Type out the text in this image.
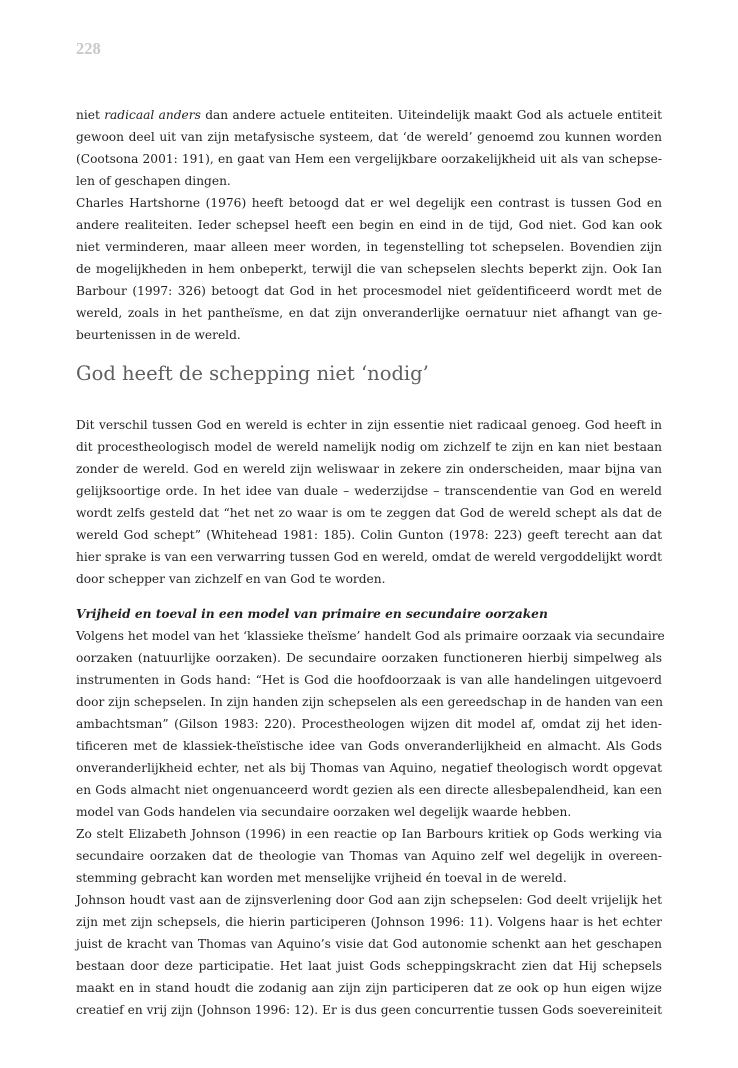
228
niet radicaal anders dan andere actuele entiteiten. Uiteindelijk maakt God als actuele entiteit
gewoon deel uit van zijn metafysische systeem, dat ‘de wereld’ genoemd zou kunnen worden
(Cootsona 2001: 191), en gaat van Hem een vergelijkbare oorzakelijkheid uit als van schepse-
len of geschapen dingen.
Charles Hartshorne (1976) heeft betoogd dat er wel degelijk een contrast is tussen God en
andere realiteiten. Ieder schepsel heeft een begin en eind in de tijd, God niet. God kan ook
niet verminderen, maar alleen meer worden, in tegenstelling tot schepselen. Bovendien zijn
de mogelijkheden in hem onbeperkt, terwijl die van schepselen slechts beperkt zijn. Ook Ian
Barbour (1997: 326) betoogt dat God in het procesmodel niet geïdentificeerd wordt met de
wereld, zoals in het pantheïsme, en dat zijn onveranderlijke oernatuur niet afhangt van ge-
beurtenissen in de wereld.
God heeft de schepping niet ‘nodig’
Dit verschil tussen God en wereld is echter in zijn essentie niet radicaal genoeg. God heeft in
dit procestheologisch model de wereld namelijk nodig om zichzelf te zijn en kan niet bestaan
zonder de wereld. God en wereld zijn weliswaar in zekere zin onderscheiden, maar bijna van
gelijksoortige orde. In het idee van duale – wederzijdse – transcendentie van God en wereld
wordt zelfs gesteld dat “het net zo waar is om te zeggen dat God de wereld schept als dat de
wereld God schept” (Whitehead 1981: 185). Colin Gunton (1978: 223) geeft terecht aan dat
hier sprake is van een verwarring tussen God en wereld, omdat de wereld vergoddelijkt wordt
door schepper van zichzelf en van God te worden.
Vrijheid en toeval in een model van primaire en secundaire oorzaken
Volgens het model van het ‘klassieke theïsme’ handelt God als primaire oorzaak via secundaire
oorzaken (natuurlijke oorzaken). De secundaire oorzaken functioneren hierbij simpelweg als
instrumenten in Gods hand: “Het is God die hoofdoorzaak is van alle handelingen uitgevoerd
door zijn schepselen. In zijn handen zijn schepselen als een gereedschap in de handen van een
ambachtsman” (Gilson 1983: 220). Procestheologen wijzen dit model af, omdat zij het iden-
tificeren met de klassiek-theïstische idee van Gods onveranderlijkheid en almacht. Als Gods
onveranderlijkheid echter, net als bij Thomas van Aquino, negatief theologisch wordt opgevat
en Gods almacht niet ongenuanceerd wordt gezien als een directe allesbepalendheid, kan een
model van Gods handelen via secundaire oorzaken wel degelijk waarde hebben.
Zo stelt Elizabeth Johnson (1996) in een reactie op Ian Barbours kritiek op Gods werking via
secundaire oorzaken dat de theologie van Thomas van Aquino zelf wel degelijk in overeen-
stemming gebracht kan worden met menselijke vrijheid én toeval in de wereld.
Johnson houdt vast aan de zijnsverlening door God aan zijn schepselen: God deelt vrijelijk het
zijn met zijn schepsels, die hierin participeren (Johnson 1996: 11). Volgens haar is het echter
juist de kracht van Thomas van Aquino’s visie dat God autonomie schenkt aan het geschapen
bestaan door deze participatie. Het laat juist Gods scheppingskracht zien dat Hij schepsels
maakt en in stand houdt die zodanig aan zijn zijn participeren dat ze ook op hun eigen wijze
creatief en vrij zijn (Johnson 1996: 12). Er is dus geen concurrentie tussen Gods soevereiniteit
